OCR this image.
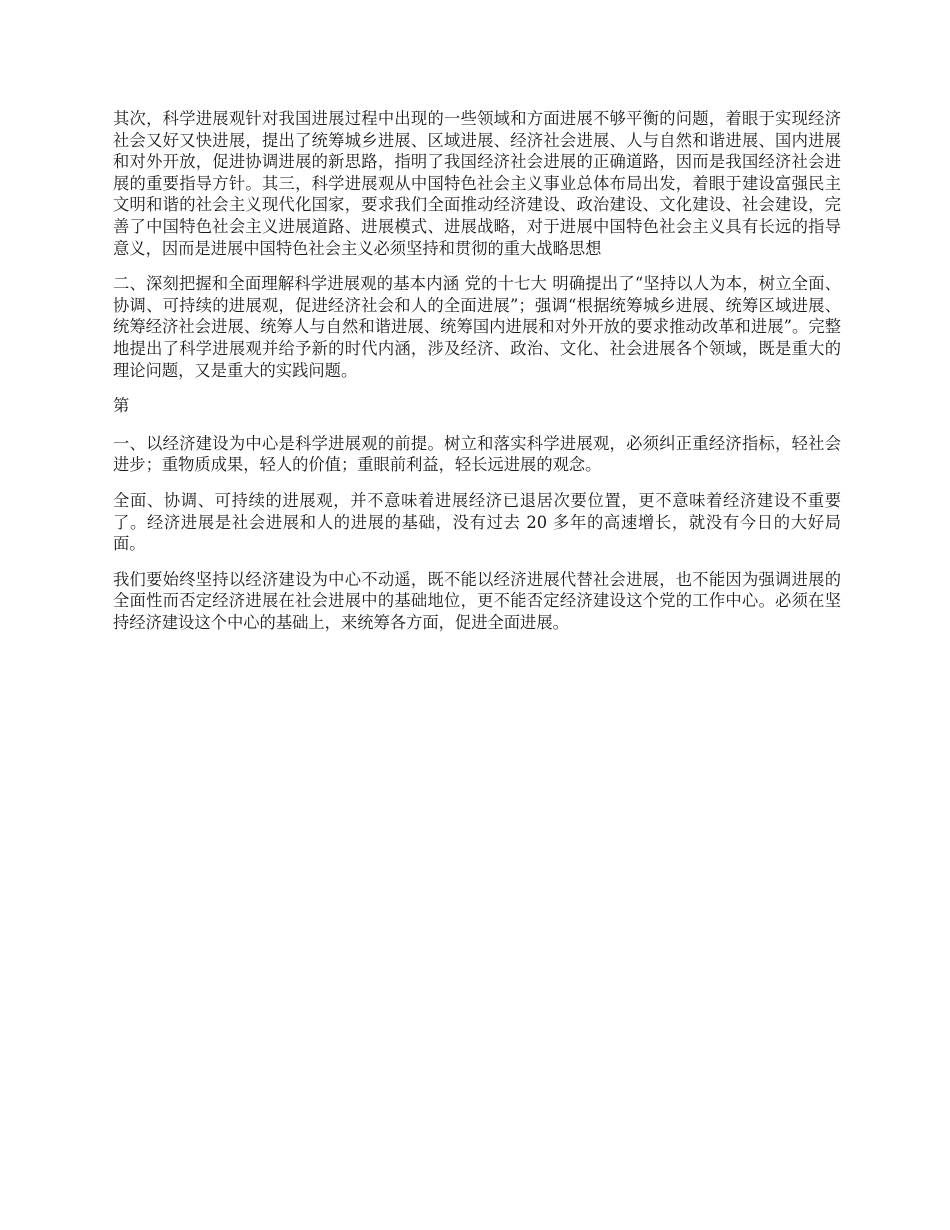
其次，科学进展观针对我国进展过程中出现的一些领域和方面进展不够平衡的问题，着眼于实现经济社会又好又快进展，提出了统筹城乡进展、区域进展、经济社会进展、人与自然和谐进展、国内进展和对外开放，促进协调进展的新思路，指明了我国经济社会进展的正确道路，因而是我国经济社会进展的重要指导方针。其三，科学进展观从中国特色社会主义事业总体布局出发，着眼于建设富强民主文明和谐的社会主义现代化国家，要求我们全面推动经济建设、政治建设、文化建设、社会建设，完善了中国特色社会主义进展道路、进展模式、进展战略，对于进展中国特色社会主义具有长远的指导意义，因而是进展中国特色社会主义必须坚持和贯彻的重大战略思想

二、深刻把握和全面理解科学进展观的基本内涵 党的十七大 明确提出了“坚持以人为本，树立全面、协调、可持续的进展观，促进经济社会和人的全面进展”；强调“根据统筹城乡进展、统筹区域进展、统筹经济社会进展、统筹人与自然和谐进展、统筹国内进展和对外开放的要求推动改革和进展”。完整地提出了科学进展观并给予新的时代内涵，涉及经济、政治、文化、社会进展各个领域，既是重大的理论问题，又是重大的实践问题。

第

一、以经济建设为中心是科学进展观的前提。树立和落实科学进展观，必须纠正重经济指标，轻社会进步；重物质成果，轻人的价值；重眼前利益，轻长远进展的观念。

全面、协调、可持续的进展观，并不意味着进展经济已退居次要位置，更不意味着经济建设不重要了。经济进展是社会进展和人的进展的基础，没有过去 20 多年的高速增长，就没有今日的大好局面。

我们要始终坚持以经济建设为中心不动遥，既不能以经济进展代替社会进展，也不能因为强调进展的全面性而否定经济进展在社会进展中的基础地位，更不能否定经济建设这个党的工作中心。必须在坚持经济建设这个中心的基础上，来统筹各方面，促进全面进展。
